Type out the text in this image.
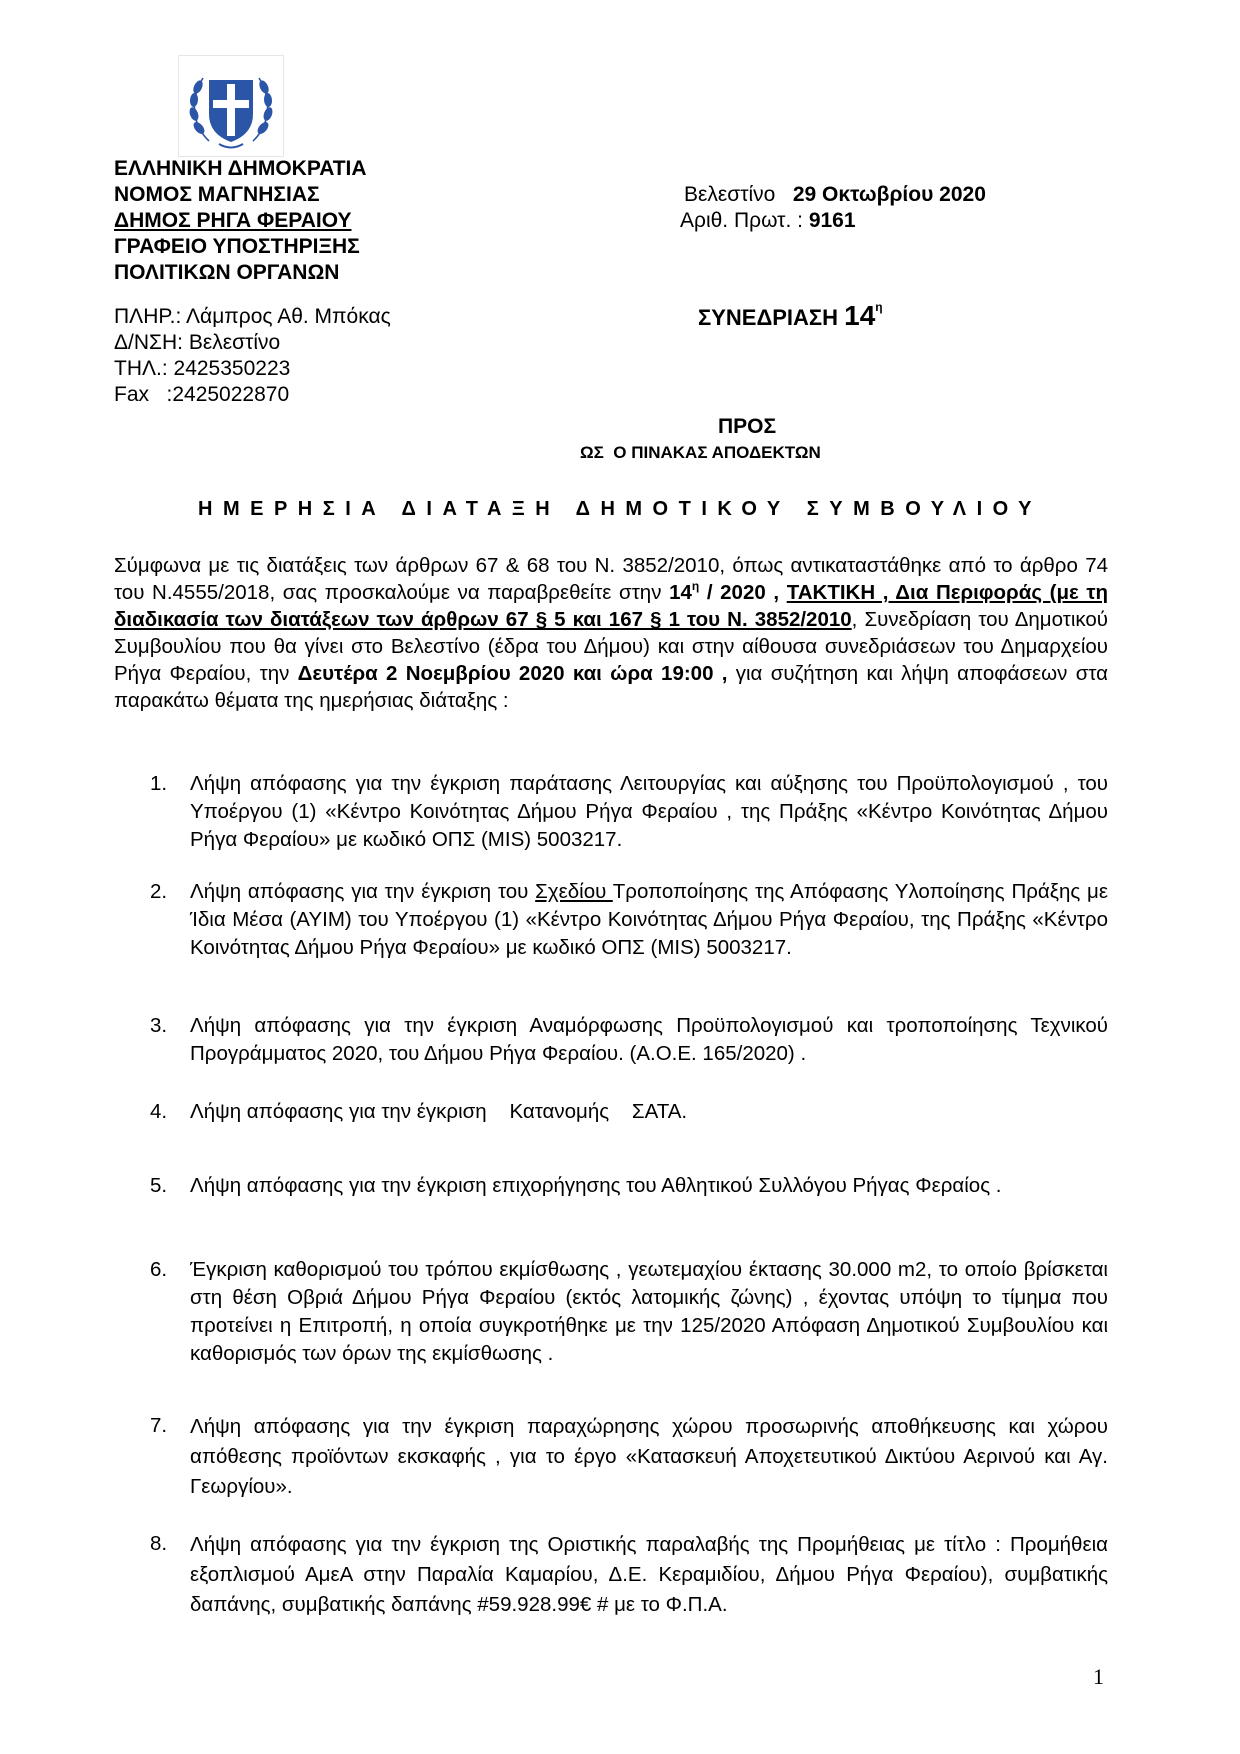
ΕΛΛΗΝΙΚΗ ΔΗΜΟΚΡΑΤΙΑ
ΝΟΜΟΣ ΜΑΓΝΗΣΙΑΣ
ΔΗΜΟΣ ΡΗΓΑ ΦΕΡΑΙΟΥ
ΓΡΑΦΕΙΟ ΥΠΟΣΤΗΡΙΞΗΣ
ΠΟΛΙΤΙΚΩΝ ΟΡΓΑΝΩΝ
ΠΛΗΡ.: Λάμπρος Αθ. Μπόκας
Δ/ΝΣΗ: Βελεστίνο
ΤΗΛ.: 2425350223
Fax   :2425022870
Βελεστίνο 29 Οκτωβρίου 2020
Αριθ. Πρωτ. : 9161
ΣΥΝΕΔΡΙΑΣΗ $14^\eta$
ΠΡΟΣ
ΩΣ  Ο ΠΙΝΑΚΑΣ ΑΠΟΔΕΚΤΩΝ
ΗΜΕΡΗΣΙΑ ΔΙΑΤΑΞΗ ΔΗΜΟΤΙΚΟΥ ΣΥΜΒΟΥΛΙΟΥ
Σύμφωνα με τις διατάξεις των άρθρων 67 & 68 του Ν. 3852/2010, όπως αντικαταστάθηκε από το άρθρο 74 του Ν.4555/2018, σας προσκαλούμε να παραβρεθείτε στην $14^\eta / 2020$ , ΤΑΚΤΙΚΗ , Δια Περιφοράς (με τη διαδικασία των διατάξεων των άρθρων 67 § 5 και 167 § 1 του Ν. 3852/2010, Συνεδρίαση του Δημοτικού Συμβουλίου που θα γίνει στο Βελεστίνο (έδρα του Δήμου) και στην αίθουσα συνεδριάσεων του Δημαρχείου Ρήγα Φεραίου, την Δευτέρα 2 Νοεμβρίου 2020 και ώρα 19:00 , για συζήτηση και λήψη αποφάσεων στα παρακάτω θέματα της ημερήσιας διάταξης :
1. Λήψη απόφασης για την έγκριση παράτασης Λειτουργίας και αύξησης του Προϋπολογισμού , του Υποέργου (1) «Κέντρο Κοινότητας Δήμου Ρήγα Φεραίου , της Πράξης «Κέντρο Κοινότητας Δήμου Ρήγα Φεραίου» με κωδικό ΟΠΣ (MIS) 5003217.
2. Λήψη απόφασης για την έγκριση του Σχεδίου Τροποποίησης της Απόφασης Υλοποίησης Πράξης με Ίδια Μέσα (ΑΥΙΜ) του Υποέργου (1) «Κέντρο Κοινότητας Δήμου Ρήγα Φεραίου, της Πράξης «Κέντρο Κοινότητας Δήμου Ρήγα Φεραίου» με κωδικό ΟΠΣ (MIS) 5003217.
3. Λήψη απόφασης για την έγκριση Αναμόρφωσης Προϋπολογισμού και τροποποίησης Τεχνικού Προγράμματος 2020, του Δήμου Ρήγα Φεραίου. (Α.Ο.Ε. 165/2020) .
4. Λήψη απόφασης για την έγκριση    Κατανομής    ΣΑΤΑ.
5. Λήψη απόφασης για την έγκριση επιχορήγησης του Αθλητικού Συλλόγου Ρήγας Φεραίος .
6. Έγκριση καθορισμού του τρόπου εκμίσθωσης , γεωτεμαχίου έκτασης 30.000 m2, το οποίο βρίσκεται στη θέση Οβριά Δήμου Ρήγα Φεραίου (εκτός λατομικής ζώνης) , έχοντας υπόψη το τίμημα που προτείνει η Επιτροπή, η οποία συγκροτήθηκε με την 125/2020 Απόφαση Δημοτικού Συμβουλίου και καθορισμός των όρων της εκμίσθωσης .
7. Λήψη απόφασης για την έγκριση παραχώρησης χώρου προσωρινής αποθήκευσης και χώρου απόθεσης προϊόντων εκσκαφής , για το έργο «Κατασκευή Αποχετευτικού Δικτύου Αερινού και Αγ. Γεωργίου».
8. Λήψη απόφασης για την έγκριση της Οριστικής παραλαβής της Προμήθειας με τίτλο : Προμήθεια εξοπλισμού ΑμεΑ στην Παραλία Καμαρίου, Δ.Ε. Κεραμιδίου, Δήμου Ρήγα Φεραίου), συμβατικής δαπάνης, συμβατικής δαπάνης #59.928.99€ # με το Φ.Π.Α.
1
